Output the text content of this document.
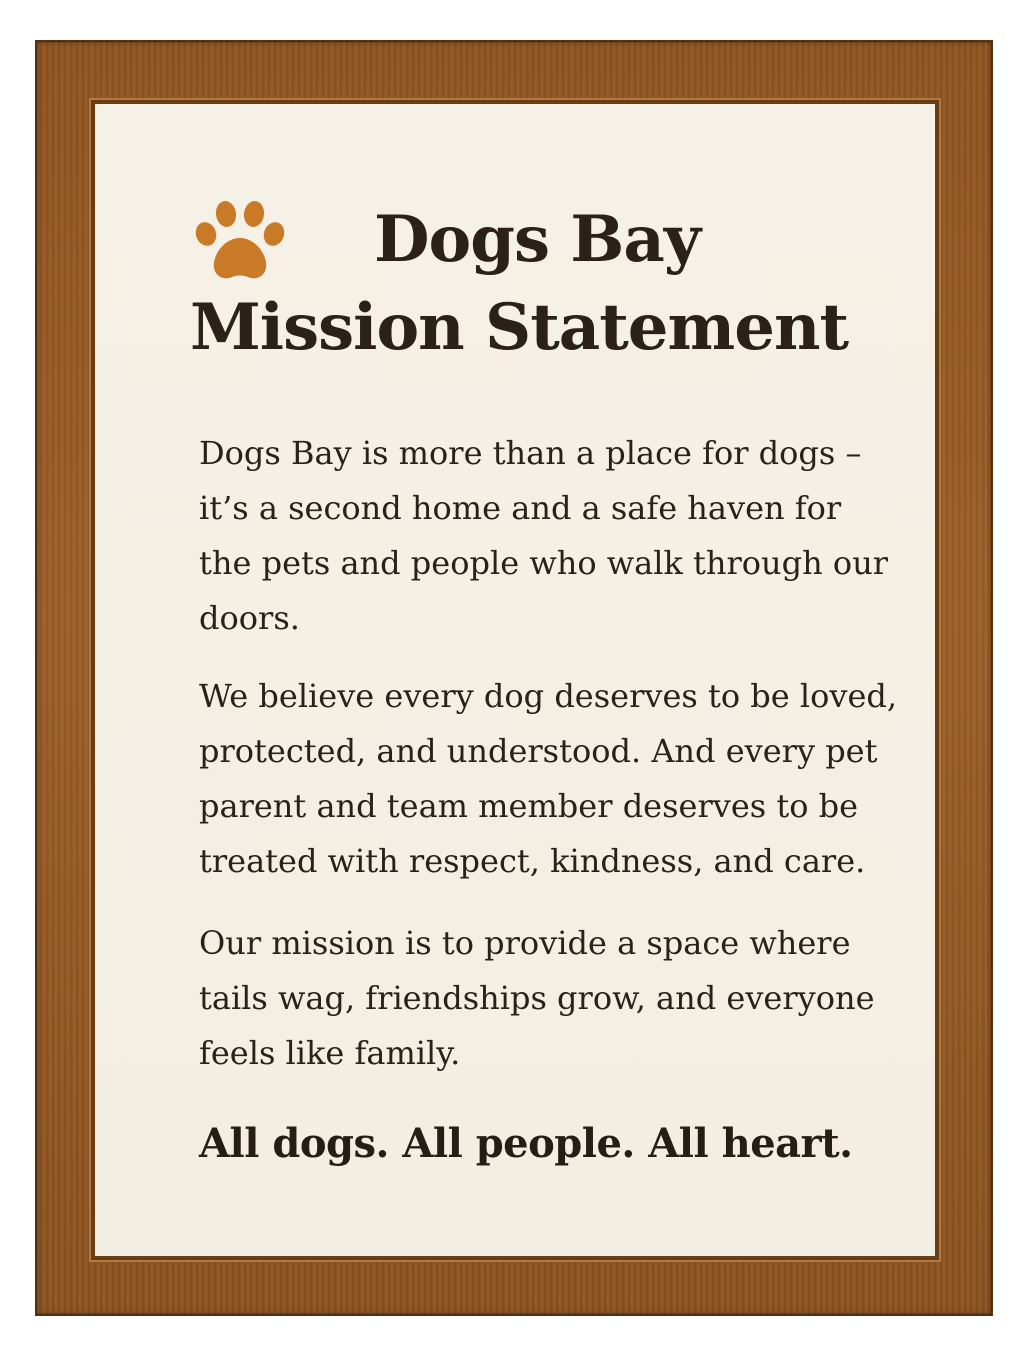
Dogs Bay
Mission Statement

Dogs Bay is more than a place for dogs – it’s a second home and a safe haven for the pets and people who walk through our doors.

We believe every dog deserves to be loved, protected, and understood. And every pet parent and team member deserves to be treated with respect, kindness, and care.

Our mission is to provide a space where tails wag, friendships grow, and everyone feels like family.

All dogs. All people. All heart.
